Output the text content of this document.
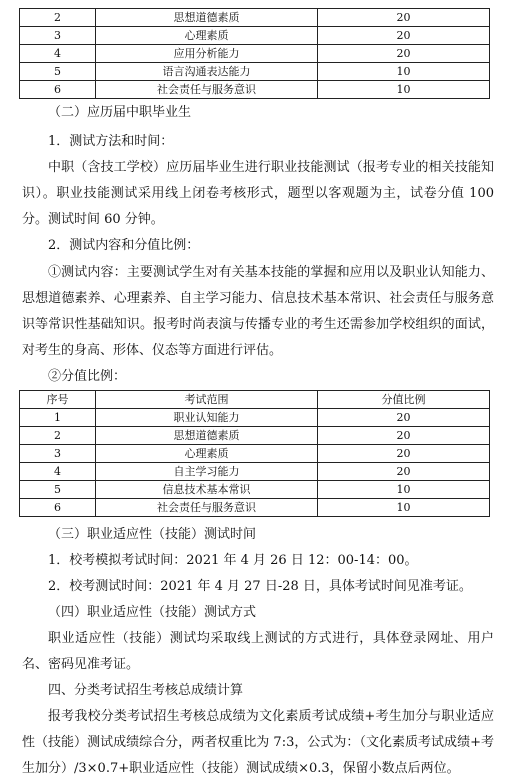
2	思想道德素质	20
3	心理素质	20
4	应用分析能力	20
5	语言沟通表达能力	10
6	社会责任与服务意识	10
（二）应历届中职毕业生
1．测试方法和时间：
中职（含技工学校）应历届毕业生进行职业技能测试（报考专业的相关技能知识）。职业技能测试采用线上闭卷考核形式，题型以客观题为主，试卷分值 100 分。测试时间 60 分钟。
2．测试内容和分值比例：
①测试内容：主要测试学生对有关基本技能的掌握和应用以及职业认知能力、思想道德素养、心理素养、自主学习能力、信息技术基本常识、社会责任与服务意识等常识性基础知识。报考时尚表演与传播专业的考生还需参加学校组织的面试，对考生的身高、形体、仪态等方面进行评估。
②分值比例：
序号	考试范围	分值比例
1	职业认知能力	20
2	思想道德素质	20
3	心理素质	20
4	自主学习能力	20
5	信息技术基本常识	10
6	社会责任与服务意识	10
（三）职业适应性（技能）测试时间
1．校考模拟考试时间：2021 年 4 月 26 日 12：00-14：00。
2．校考测试时间：2021 年 4 月 27 日-28 日，具体考试时间见准考证。
（四）职业适应性（技能）测试方式
职业适应性（技能）测试均采取线上测试的方式进行，具体登录网址、用户名、密码见准考证。
四、分类考试招生考核总成绩计算
报考我校分类考试招生考核总成绩为文化素质考试成绩+考生加分与职业适应性（技能）测试成绩综合分，两者权重比为 7:3，公式为：（文化素质考试成绩+考生加分）/3×0.7+职业适应性（技能）测试成绩×0.3，保留小数点后两位。
